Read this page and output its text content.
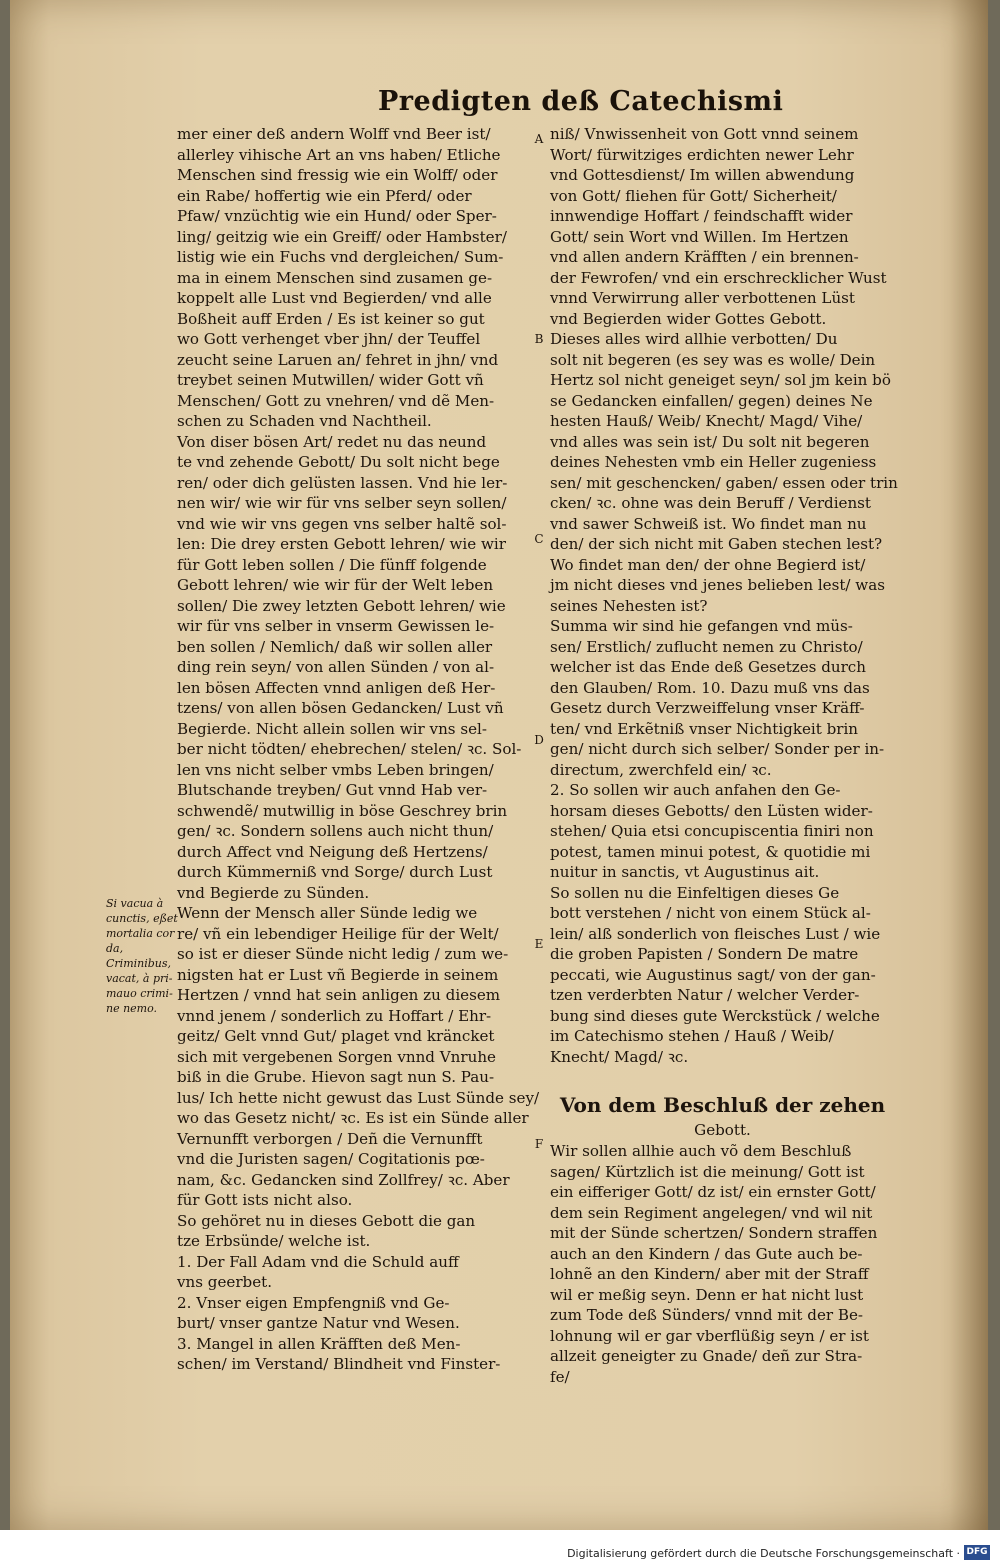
Predigten deß Catechismi
A
B
C
D
E
F
Si vacua à
cunctis, eßet
mortalia cor
da,
Criminibus,
vacat, à pri-
mauo crimi-
ne nemo.
mer einer deß andern Wolff vnd Beer ist/
allerley vihische Art an vns haben/ Etliche
Menschen sind fressig wie ein Wolff/ oder
ein Rabe/ hoffertig wie ein Pferd/ oder
Pfaw/ vnzüchtig wie ein Hund/ oder Sper-
ling/ geitzig wie ein Greiff/ oder Hambster/
listig wie ein Fuchs vnd dergleichen/ Sum-
ma in einem Menschen sind zusamen ge-
koppelt alle Lust vnd Begierden/ vnd alle
Boßheit auff Erden / Es ist keiner so gut
wo Gott verhenget vber jhn/ der Teuffel
zeucht seine Laruen an/ fehret in jhn/ vnd
treybet seinen Mutwillen/ wider Gott vñ
Menschen/ Gott zu vnehren/ vnd dẽ Men-
schen zu Schaden vnd Nachtheil.
Von diser bösen Art/ redet nu das neund
te vnd zehende Gebott/ Du solt nicht bege
ren/ oder dich gelüsten lassen. Vnd hie ler-
nen wir/ wie wir für vns selber seyn sollen/
vnd wie wir vns gegen vns selber haltẽ sol-
len: Die drey ersten Gebott lehren/ wie wir
für Gott leben sollen / Die fünff folgende
Gebott lehren/ wie wir für der Welt leben
sollen/ Die zwey letzten Gebott lehren/ wie
wir für vns selber in vnserm Gewissen le-
ben sollen / Nemlich/ daß wir sollen aller
ding rein seyn/ von allen Sünden / von al-
len bösen Affecten vnnd anligen deß Her-
tzens/ von allen bösen Gedancken/ Lust vñ
Begierde. Nicht allein sollen wir vns sel-
ber nicht tödten/ ehebrechen/ stelen/ ꝛc. Sol-
len vns nicht selber vmbs Leben bringen/
Blutschande treyben/ Gut vnnd Hab ver-
schwendẽ/ mutwillig in böse Geschrey brin
gen/ ꝛc. Sondern sollens auch nicht thun/
durch Affect vnd Neigung deß Hertzens/
durch Kümmerniß vnd Sorge/ durch Lust
vnd Begierde zu Sünden.
Wenn der Mensch aller Sünde ledig we
re/ vñ ein lebendiger Heilige für der Welt/
so ist er dieser Sünde nicht ledig / zum we-
nigsten hat er Lust vñ Begierde in seinem
Hertzen / vnnd hat sein anligen zu diesem
vnnd jenem / sonderlich zu Hoffart / Ehr-
geitz/ Gelt vnnd Gut/ plaget vnd kräncket
sich mit vergebenen Sorgen vnnd Vnruhe
biß in die Grube. Hievon sagt nun S. Pau-
lus/ Ich hette nicht gewust das Lust Sünde sey/
wo das Gesetz nicht/ ꝛc. Es ist ein Sünde aller
Vernunfft verborgen / Deñ die Vernunfft
vnd die Juristen sagen/ Cogitationis pœ-
nam, &c. Gedancken sind Zollfrey/ ꝛc. Aber
für Gott ists nicht also.
So gehöret nu in dieses Gebott die gan
tze Erbsünde/ welche ist.
1. Der Fall Adam vnd die Schuld auff
vns geerbet.
2. Vnser eigen Empfengniß vnd Ge-
burt/ vnser gantze Natur vnd Wesen.
3. Mangel in allen Kräfften deß Men-
schen/ im Verstand/ Blindheit vnd Finster-
niß/ Vnwissenheit von Gott vnnd seinem
Wort/ fürwitziges erdichten newer Lehr
vnd Gottesdienst/ Im willen abwendung
von Gott/ fliehen für Gott/ Sicherheit/
innwendige Hoffart / feindschafft wider
Gott/ sein Wort vnd Willen. Im Hertzen
vnd allen andern Kräfften / ein brennen-
der Fewrofen/ vnd ein erschrecklicher Wust
vnnd Verwirrung aller verbottenen Lüst
vnd Begierden wider Gottes Gebott.
Dieses alles wird allhie verbotten/ Du
solt nit begeren (es sey was es wolle/ Dein
Hertz sol nicht geneiget seyn/ sol jm kein bö
se Gedancken einfallen/ gegen) deines Ne
hesten Hauß/ Weib/ Knecht/ Magd/ Vihe/
vnd alles was sein ist/ Du solt nit begeren
deines Nehesten vmb ein Heller zugeniess
sen/ mit geschencken/ gaben/ essen oder trin
cken/ ꝛc. ohne was dein Beruff / Verdienst
vnd sawer Schweiß ist. Wo findet man nu
den/ der sich nicht mit Gaben stechen lest?
Wo findet man den/ der ohne Begierd ist/
jm nicht dieses vnd jenes belieben lest/ was
seines Nehesten ist?
Summa wir sind hie gefangen vnd müs-
sen/ Erstlich/ zuflucht nemen zu Christo/
welcher ist das Ende deß Gesetzes durch
den Glauben/ Rom. 10. Dazu muß vns das
Gesetz durch Verzweiffelung vnser Kräff-
ten/ vnd Erkẽtniß vnser Nichtigkeit brin
gen/ nicht durch sich selber/ Sonder per in-
directum, zwerchfeld ein/ ꝛc.
2. So sollen wir auch anfahen den Ge-
horsam dieses Gebotts/ den Lüsten wider-
stehen/ Quia etsi concupiscentia finiri non
potest, tamen minui potest, & quotidie mi
nuitur in sanctis, vt Augustinus ait.
So sollen nu die Einfeltigen dieses Ge
bott verstehen / nicht von einem Stück al-
lein/ alß sonderlich von fleisches Lust / wie
die groben Papisten / Sondern De matre
peccati, wie Augustinus sagt/ von der gan-
tzen verderbten Natur / welcher Verder-
bung sind dieses gute Werckstück / welche
im Catechismo stehen / Hauß / Weib/
Knecht/ Magd/ ꝛc.
Von dem Beschluß der zehen
Gebott.
Wir sollen allhie auch võ dem Beschluß
sagen/ Kürtzlich ist die meinung/ Gott ist
ein eifferiger Gott/ dz ist/ ein ernster Gott/
dem sein Regiment angelegen/ vnd wil nit
mit der Sünde schertzen/ Sondern straffen
auch an den Kindern / das Gute auch be-
lohnẽ an den Kindern/ aber mit der Straff
wil er meßig seyn. Denn er hat nicht lust
zum Tode deß Sünders/ vnnd mit der Be-
lohnung wil er gar vberflüßig seyn / er ist
allzeit geneigter zu Gnade/ deñ zur Stra-
fe/
Digitalisierung gefördert durch die Deutsche Forschungsgemeinschaft · DFG
